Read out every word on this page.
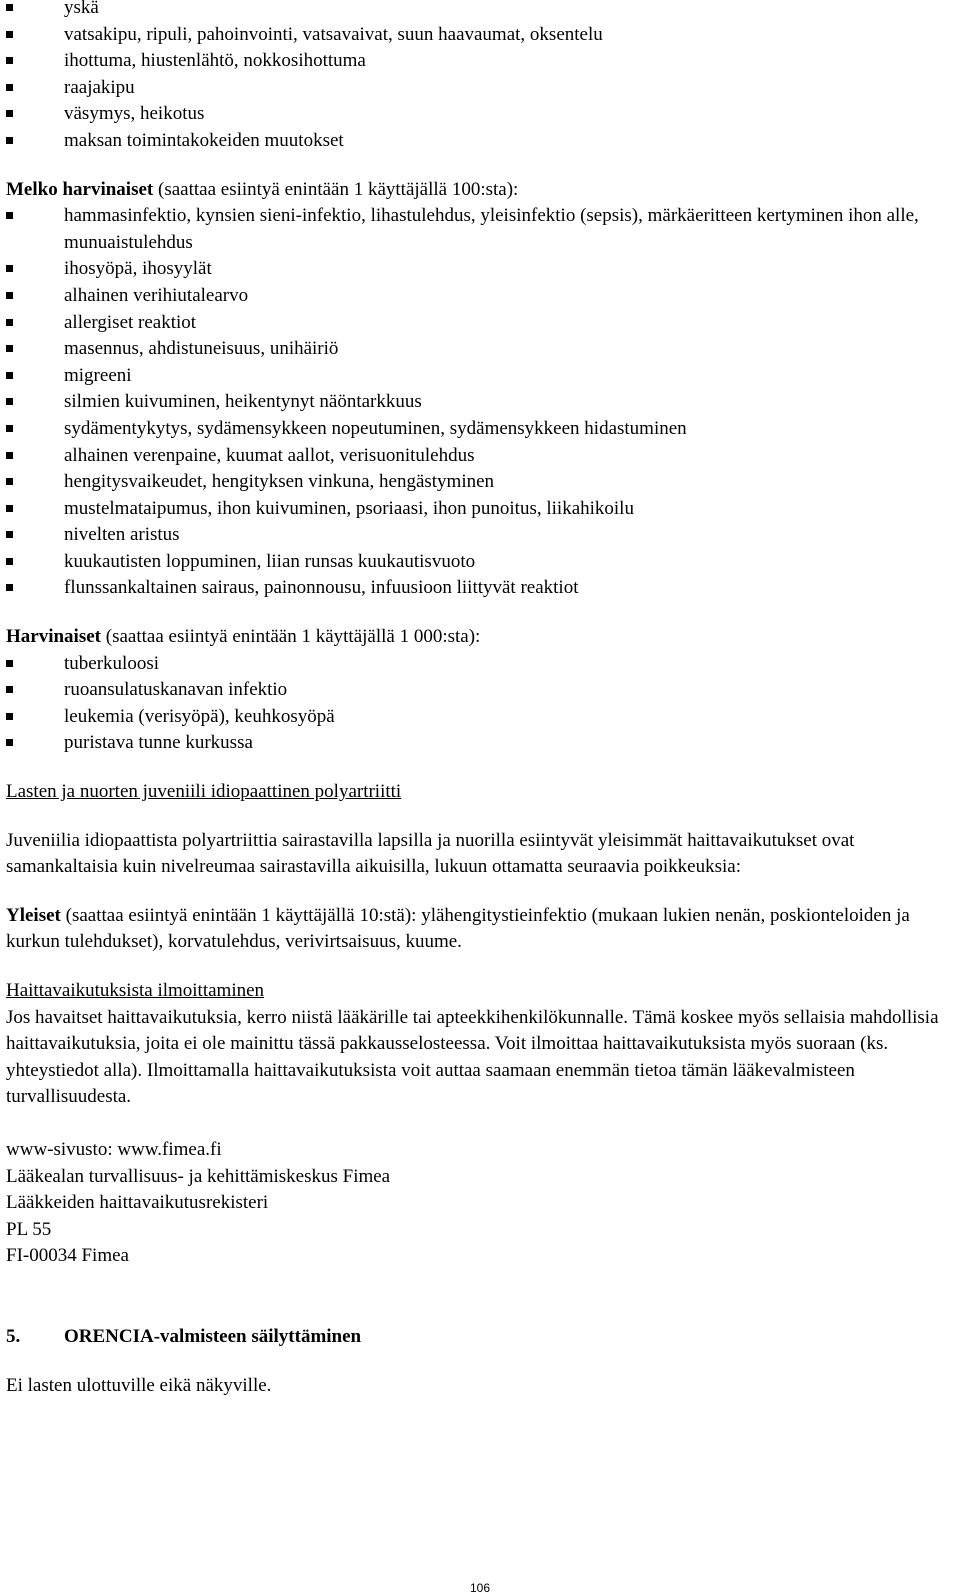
yskä
vatsakipu, ripuli, pahoinvointi, vatsavaivat, suun haavaumat, oksentelu
ihottuma, hiustenlähtö, nokkosihottuma
raajakipu
väsymys, heikotus
maksan toimintakokeiden muutokset

Melko harvinaiset (saattaa esiintyä enintään 1 käyttäjällä 100:sta):

hammasinfektio, kynsien sieni-infektio, lihastulehdus, yleisinfektio (sepsis), märkäeritteen kertyminen ihon alle, munuaistulehdus
ihosyöpä, ihosyylät
alhainen verihiutalearvo
allergiset reaktiot
masennus, ahdistuneisuus, unihäiriö
migreeni
silmien kuivuminen, heikentynyt näöntarkkuus
sydämentykytys, sydämensykkeen nopeutuminen, sydämensykkeen hidastuminen
alhainen verenpaine, kuumat aallot, verisuonitulehdus
hengitysvaikeudet, hengityksen vinkuna, hengästyminen
mustelmataipumus, ihon kuivuminen, psoriaasi, ihon punoitus, liikahikoilu
nivelten aristus
kuukautisten loppuminen, liian runsas kuukautisvuoto
flunssankaltainen sairaus, painonnousu, infuusioon liittyvät reaktiot

Harvinaiset (saattaa esiintyä enintään 1 käyttäjällä 1 000:sta):

tuberkuloosi
ruoansulatuskanavan infektio
leukemia (verisyöpä), keuhkosyöpä
puristava tunne kurkussa

Lasten ja nuorten juveniili idiopaattinen polyartriitti

Juveniilia idiopaattista polyartriittia sairastavilla lapsilla ja nuorilla esiintyvät yleisimmät haittavaikutukset ovat samankaltaisia kuin nivelreumaa sairastavilla aikuisilla, lukuun ottamatta seuraavia poikkeuksia:

Yleiset (saattaa esiintyä enintään 1 käyttäjällä 10:stä): ylähengitystieinfektio (mukaan lukien nenän, poskionteloiden ja kurkun tulehdukset), korvatulehdus, verivirtsaisuus, kuume.

Haittavaikutuksista ilmoittaminen

Jos havaitset haittavaikutuksia, kerro niistä lääkärille tai apteekkihenkilökunnalle. Tämä koskee myös sellaisia mahdollisia haittavaikutuksia, joita ei ole mainittu tässä pakkausselosteessa. Voit ilmoittaa haittavaikutuksista myös suoraan (ks. yhteystiedot alla). Ilmoittamalla haittavaikutuksista voit auttaa saamaan enemmän tietoa tämän lääkevalmisteen turvallisuudesta.

www-sivusto: www.fimea.fi

Lääkealan turvallisuus- ja kehittämiskeskus Fimea

Lääkkeiden haittavaikutusrekisteri

PL 55

FI-00034 Fimea

5. ORENCIA-valmisteen säilyttäminen

Ei lasten ulottuville eikä näkyville.

106
